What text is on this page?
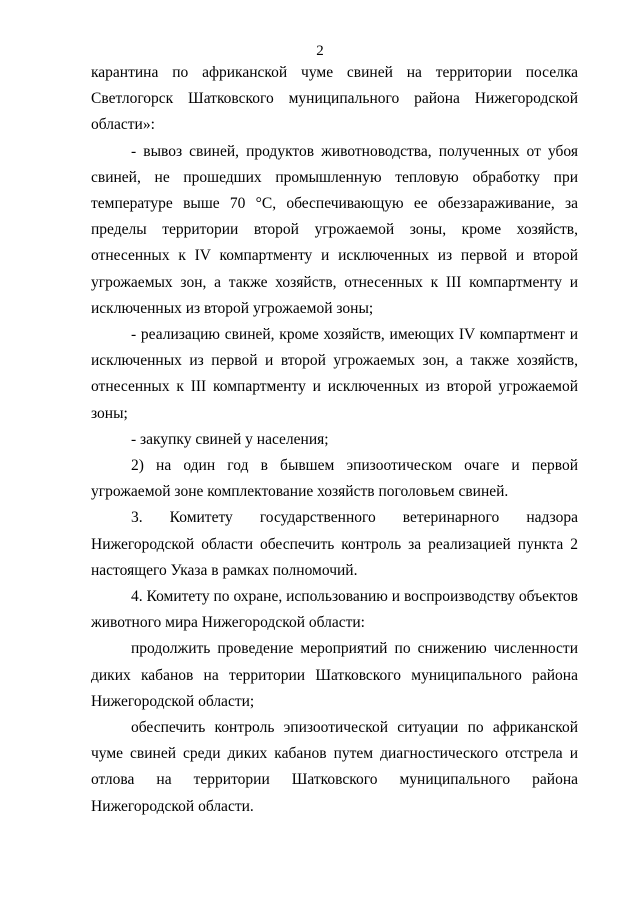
2

карантина по африканской чуме свиней на территории поселка Светлогорск Шатковского муниципального района Нижегородской области»:

- вывоз свиней, продуктов животноводства, полученных от убоя свиней, не прошедших промышленную тепловую обработку при температуре выше 70 °С, обеспечивающую ее обеззараживание, за пределы территории второй угрожаемой зоны, кроме хозяйств, отнесенных к IV компартменту и исключенных из первой и второй угрожаемых зон, а также хозяйств, отнесенных к III компартменту и исключенных из второй угрожаемой зоны;

- реализацию свиней, кроме хозяйств, имеющих IV компартмент и исключенных из первой и второй угрожаемых зон, а также хозяйств, отнесенных к III компартменту и исключенных из второй угрожаемой зоны;

- закупку свиней у населения;

2) на один год в бывшем эпизоотическом очаге и первой угрожаемой зоне комплектование хозяйств поголовьем свиней.

3. Комитету государственного ветеринарного надзора Нижегородской области обеспечить контроль за реализацией пункта 2 настоящего Указа в рамках полномочий.

4. Комитету по охране, использованию и воспроизводству объектов животного мира Нижегородской области:

продолжить проведение мероприятий по снижению численности диких кабанов на территории Шатковского муниципального района Нижегородской области;

обеспечить контроль эпизоотической ситуации по африканской чуме свиней среди диких кабанов путем диагностического отстрела и отлова на территории Шатковского муниципального района Нижегородской области.
